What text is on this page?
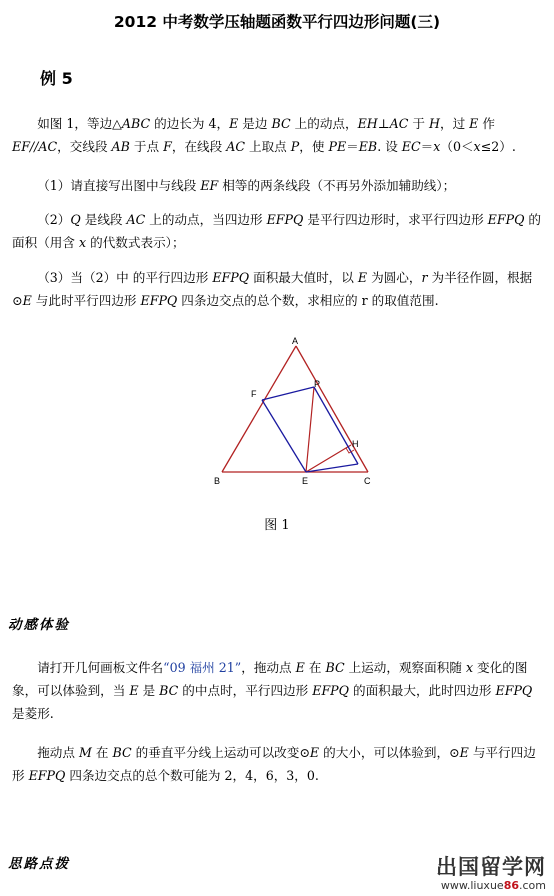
2012 中考数学压轴题函数平行四边形问题(三)
例 5
如图 1，等边△ABC 的边长为 4，E 是边 BC 上的动点，EH⊥AC 于 H，过 E 作 EF//AC，交线段 AB 于点 F，在线段 AC 上取点 P，使 PE＝EB. 设 EC＝x（0＜x≤2）.
（1）请直接写出图中与线段 EF 相等的两条线段（不再另外添加辅助线）；
（2）Q 是线段 AC 上的动点，当四边形 EFPQ 是平行四边形时，求平行四边形 EFPQ 的面积（用含 x 的代数式表示）；
（3）当（2）中 的平行四边形 EFPQ 面积最大值时，以 E 为圆心，r 为半径作圆，根据⊙E 与此时平行四边形 EFPQ 四条边交点的总个数，求相应的 r 的取值范围.
A
B	C
E
F
P
H
图 1
动感体验
请打开几何画板文件名“09 福州 21”，拖动点 E 在 BC 上运动，观察面积随 x 变化的图象，可以体验到，当 E 是 BC 的中点时，平行四边形 EFPQ 的面积最大，此时四边形 EFPQ 是菱形.
拖动点 M 在 BC 的垂直平分线上运动可以改变⊙E 的大小，可以体验到，⊙E 与平行四边形 EFPQ 四条边交点的总个数可能为 2，4，6，3，0.
思路点拨	出国留学网
www.liuxue86.com
